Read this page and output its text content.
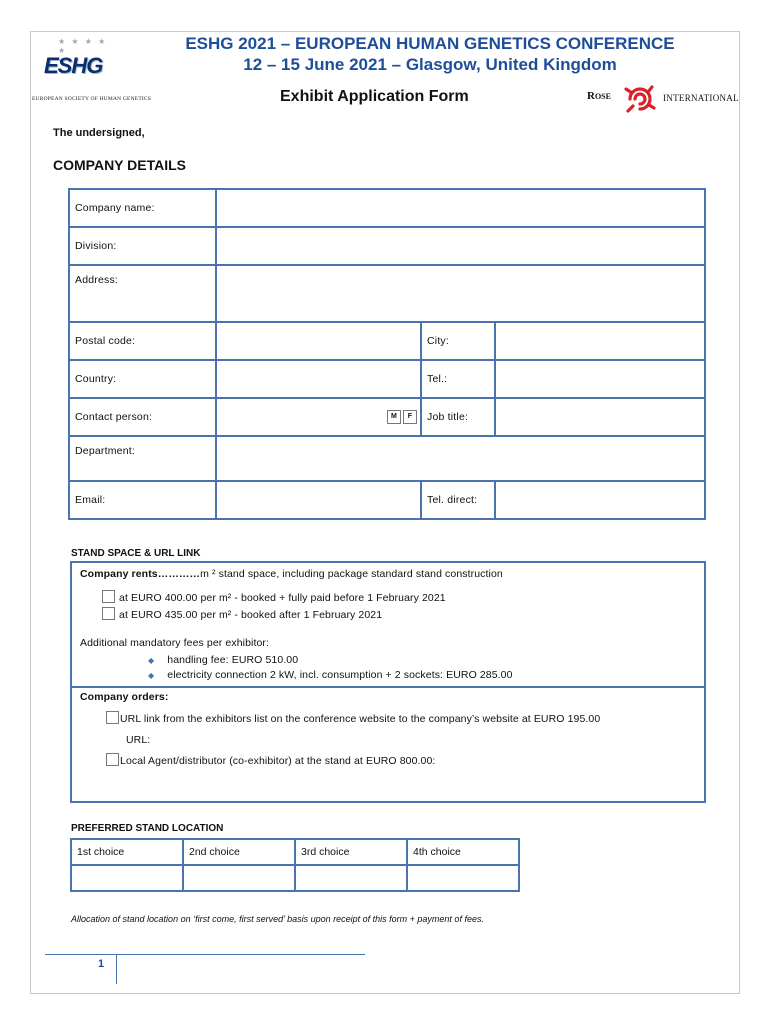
★ ★ ★ ★ ★
ESHG
EUROPEAN SOCIETY OF HUMAN GENETICS
ESHG 2021 – EUROPEAN HUMAN GENETICS CONFERENCE
12 – 15 June 2021 – Glasgow, United Kingdom
Exhibit Application Form	Rose	INTERNATIONAL
The undersigned,
COMPANY DETAILS
Company name:			
Division:			
Address:			
Postal code:		City:	
Country:		Tel.:	
Contact person:	M F	Job title:	
Department:			
Email:		Tel. direct:	
STAND SPACE & URL LINK
Company rents…………m ² stand space, including package standard stand construction
at EURO 400.00 per m² - booked + fully paid before 1 February 2021
at EURO 435.00 per m² - booked after 1 February 2021
Additional mandatory fees per exhibitor:
◆ handling fee: EURO 510.00
◆ electricity connection 2 kW, incl. consumption + 2 sockets: EURO 285.00
Company orders:
URL link from the exhibitors list on the conference website to the company’s website at EURO 195.00
URL:
Local Agent/distributor (co-exhibitor) at the stand at EURO 800.00:
PREFERRED STAND LOCATION
1st choice	2nd choice	3rd choice	4th choice

Allocation of stand location on ‘first come, first served’ basis upon receipt of this form + payment of fees.
1
